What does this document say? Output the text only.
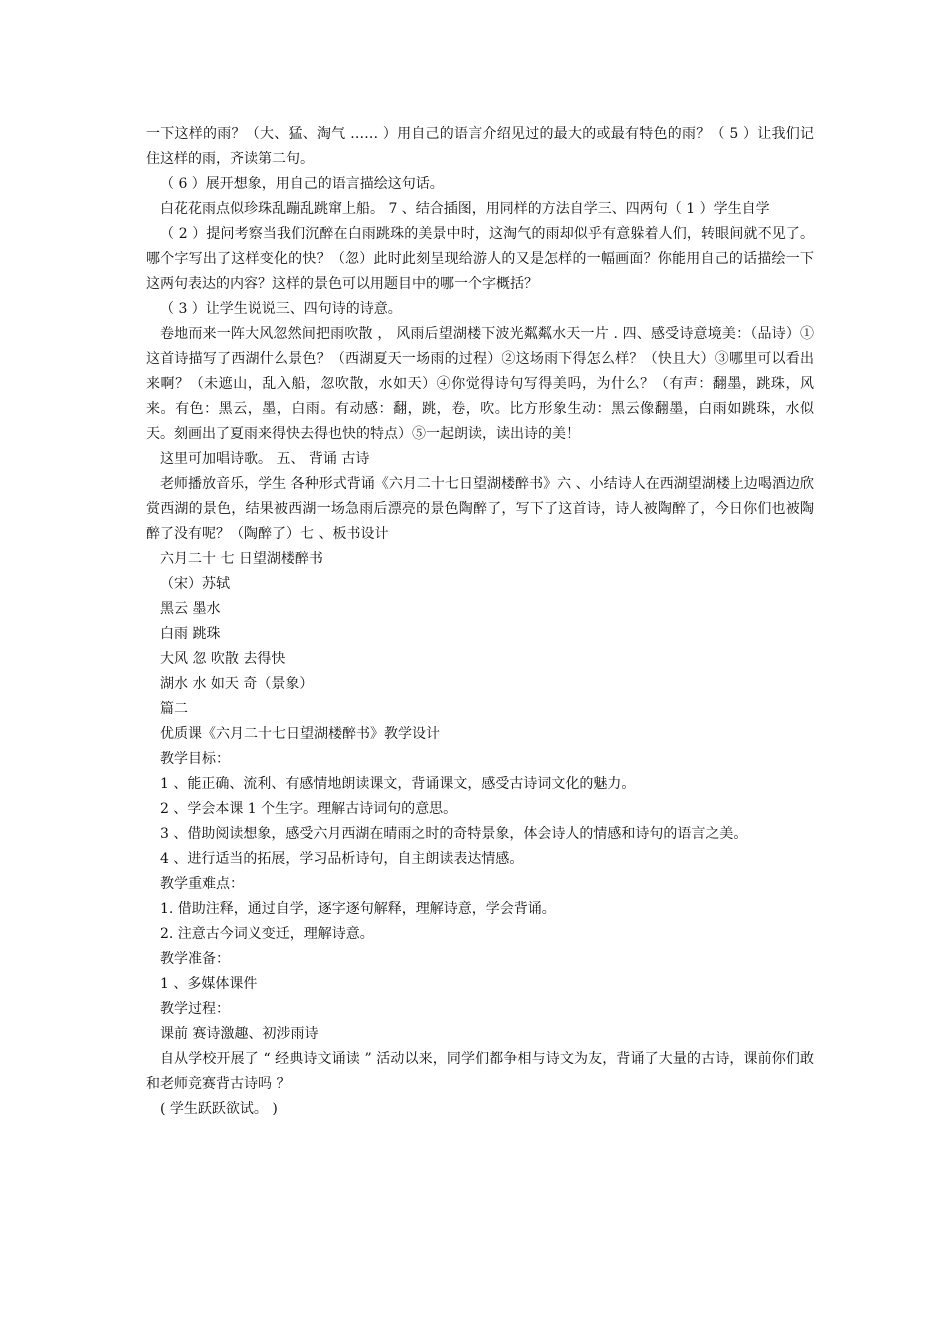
一下这样的雨？（大、猛、淘气 …… ）用自己的语言介绍见过的最大的或最有特色的雨？（ 5 ）让我们记住这样的雨，齐读第二句。

（ 6 ）展开想象，用自己的语言描绘这句话。

白花花雨点似珍珠乱蹦乱跳窜上船。 7 、结合插图，用同样的方法自学三、四两句（ 1 ）学生自学

（ 2 ）提问考察当我们沉醉在白雨跳珠的美景中时，这淘气的雨却似乎有意躲着人们，转眼间就不见了。哪个字写出了这样变化的快？（忽）此时此刻呈现给游人的又是怎样的一幅画面？你能用自己的话描绘一下这两句表达的内容？这样的景色可以用题目中的哪一个字概括？

（ 3 ）让学生说说三、四句诗的诗意。

卷地而来一阵大风忽然间把雨吹散 ， 风雨后望湖楼下波光粼粼水天一片 . 四、感受诗意境美：（品诗）①这首诗描写了西湖什么景色？（西湖夏天一场雨的过程）②这场雨下得怎么样？（快且大）③哪里可以看出来啊？（未遮山，乱入船，忽吹散，水如天）④你觉得诗句写得美吗，为什么？（有声：翻墨，跳珠，风来。有色：黑云，墨，白雨。有动感：翻，跳，卷，吹。比方形象生动：黑云像翻墨，白雨如跳珠，水似天。刻画出了夏雨来得快去得也快的特点）⑤一起朗读，读出诗的美！

这里可加唱诗歌。 五、 背诵 古诗

老师播放音乐，学生 各种形式背诵《六月二十七日望湖楼醉书》六 、小结诗人在西湖望湖楼上边喝酒边欣赏西湖的景色，结果被西湖一场急雨后漂亮的景色陶醉了，写下了这首诗，诗人被陶醉了，今日你们也被陶醉了没有呢？（陶醉了）七 、板书设计

六月二十 七 日望湖楼醉书

（宋）苏轼

黑云 墨水

白雨 跳珠

大风 忽 吹散 去得快

湖水 水 如天 奇（景象）

篇二

优质课《六月二十七日望湖楼醉书》教学设计

教学目标：

1 、能正确、流利、有感情地朗读课文，背诵课文，感受古诗词文化的魅力。

2 、学会本课 1 个生字。理解古诗词句的意思。

3 、借助阅读想象，感受六月西湖在晴雨之时的奇特景象，体会诗人的情感和诗句的语言之美。

4 、进行适当的拓展，学习品析诗句，自主朗读表达情感。

教学重难点：

1. 借助注释，通过自学，逐字逐句解释，理解诗意，学会背诵。

2. 注意古今词义变迁，理解诗意。

教学准备：

1 、多媒体课件

教学过程：

课前 赛诗激趣、初涉雨诗

自从学校开展了 “ 经典诗文诵读 ” 活动以来，同学们都争相与诗文为友，背诵了大量的古诗，课前你们敢和老师竞赛背古诗吗 ？

( 学生跃跃欲试。 )
